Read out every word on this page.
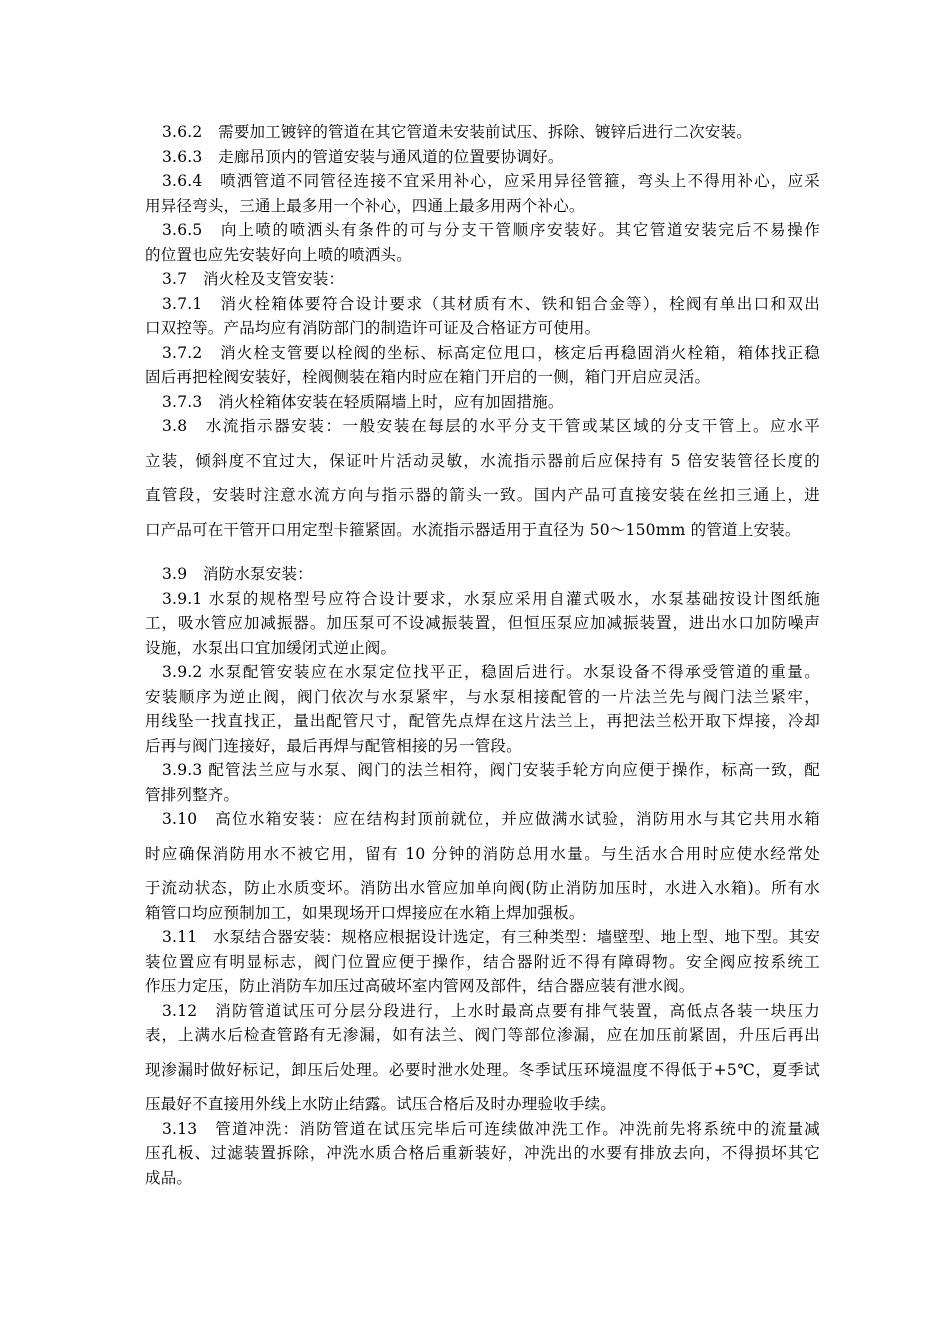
3.6.2　需要加工镀锌的管道在其它管道未安装前试压、拆除、镀锌后进行二次安装。
3.6.3　走廊吊顶内的管道安装与通风道的位置要协调好。
3.6.4　喷洒管道不同管径连接不宜采用补心，应采用异径管箍，弯头上不得用补心，应采
用异径弯头，三通上最多用一个补心，四通上最多用两个补心。
3.6.5　向上喷的喷洒头有条件的可与分支干管顺序安装好。其它管道安装完后不易操作
的位置也应先安装好向上喷的喷洒头。
3.7　消火栓及支管安装：
3.7.1　消火栓箱体要符合设计要求（其材质有木、铁和铝合金等），栓阀有单出口和双出
口双控等。产品均应有消防部门的制造许可证及合格证方可使用。
3.7.2　消火栓支管要以栓阀的坐标、标高定位甩口，核定后再稳固消火栓箱，箱体找正稳
固后再把栓阀安装好，栓阀侧装在箱内时应在箱门开启的一侧，箱门开启应灵活。
3.7.3　消火栓箱体安装在轻质隔墙上时，应有加固措施。
3.8　水流指示器安装：一般安装在每层的水平分支干管或某区域的分支干管上。应水平
立装，倾斜度不宜过大，保证叶片活动灵敏，水流指示器前后应保持有 5 倍安装管径长度的
直管段，安装时注意水流方向与指示器的箭头一致。国内产品可直接安装在丝扣三通上，进
口产品可在干管开口用定型卡箍紧固。水流指示器适用于直径为 50～150mm 的管道上安装。
3.9　消防水泵安装：
3.9.1 水泵的规格型号应符合设计要求，水泵应采用自灌式吸水，水泵基础按设计图纸施
工，吸水管应加减振器。加压泵可不设减振装置，但恒压泵应加减振装置，进出水口加防噪声
设施，水泵出口宜加缓闭式逆止阀。
3.9.2 水泵配管安装应在水泵定位找平正，稳固后进行。水泵设备不得承受管道的重量。
安装顺序为逆止阀，阀门依次与水泵紧牢，与水泵相接配管的一片法兰先与阀门法兰紧牢，
用线坠一找直找正，量出配管尺寸，配管先点焊在这片法兰上，再把法兰松开取下焊接，冷却
后再与阀门连接好，最后再焊与配管相接的另一管段。
3.9.3 配管法兰应与水泵、阀门的法兰相符，阀门安装手轮方向应便于操作，标高一致，配
管排列整齐。
3.10　高位水箱安装：应在结构封顶前就位，并应做满水试验，消防用水与其它共用水箱
时应确保消防用水不被它用，留有 10 分钟的消防总用水量。与生活水合用时应使水经常处
于流动状态，防止水质变坏。消防出水管应加单向阀(防止消防加压时，水进入水箱)。所有水
箱管口均应预制加工，如果现场开口焊接应在水箱上焊加强板。
3.11　水泵结合器安装：规格应根据设计选定，有三种类型：墙壁型、地上型、地下型。其安
装位置应有明显标志，阀门位置应便于操作，结合器附近不得有障碍物。安全阀应按系统工
作压力定压，防止消防车加压过高破坏室内管网及部件，结合器应装有泄水阀。
3.12　消防管道试压可分层分段进行，上水时最高点要有排气装置，高低点各装一块压力
表，上满水后检查管路有无渗漏，如有法兰、阀门等部位渗漏，应在加压前紧固，升压后再出
现渗漏时做好标记，卸压后处理。必要时泄水处理。冬季试压环境温度不得低于+5℃，夏季试
压最好不直接用外线上水防止结露。试压合格后及时办理验收手续。
3.13　管道冲洗：消防管道在试压完毕后可连续做冲洗工作。冲洗前先将系统中的流量减
压孔板、过滤装置拆除，冲洗水质合格后重新装好，冲洗出的水要有排放去向，不得损坏其它
成品。
